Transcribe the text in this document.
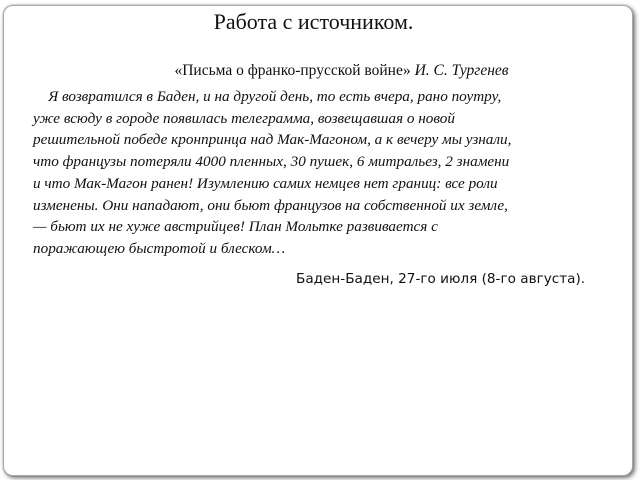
Работа с источником.
«Письма о франко-прусской войне» И. С. Тургенев
Я возвратился в Баден, и на другой день, то есть вчера, рано поутру,
уже всюду в городе появилась телеграмма, возвещавшая о новой
решительной победе кронпринца над Мак-Магоном, а к вечеру мы узнали,
что французы потеряли 4000 пленных, 30 пушек, 6 митральез, 2 знамени
и что Мак-Магон ранен! Изумлению самих немцев нет границ: все роли
изменены. Они нападают, они бьют французов на собственной их земле,
— бьют их не хуже австрийцев! План Мольтке развивается с
поражающею быстротой и блеском…
Баден-Баден, 27-го июля (8-го августа).
